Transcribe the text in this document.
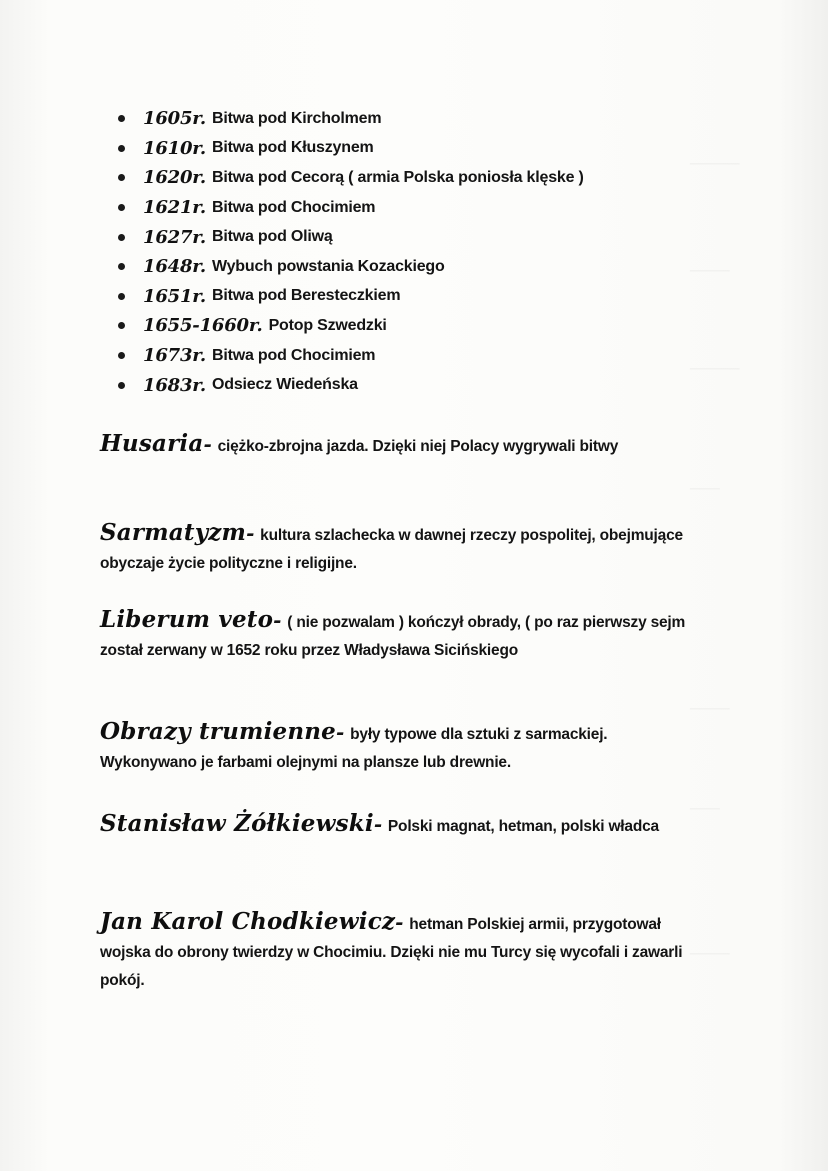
─────
────
─────
───
────
───
────
1605r. Bitwa pod Kircholmem
1610r. Bitwa pod Kłuszynem
1620r. Bitwa pod Cecorą ( armia Polska poniosła klęske )
1621r. Bitwa pod Chocimiem
1627r. Bitwa pod Oliwą
1648r. Wybuch powstania Kozackiego
1651r. Bitwa pod Beresteczkiem
1655-1660r. Potop Szwedzki
1673r. Bitwa pod Chocimiem
1683r. Odsiecz Wiedeńska
Husaria- ciężko-zbrojna jazda. Dzięki niej Polacy wygrywali bitwy
Sarmatyzm- kultura szlachecka w dawnej rzeczy pospolitej, obejmujące obyczaje życie polityczne i religijne.
Liberum veto- ( nie pozwalam ) kończył obrady, ( po raz pierwszy sejm został zerwany w 1652 roku przez Władysława Sicińskiego
Obrazy trumienne- były typowe dla sztuki z sarmackiej. Wykonywano je farbami olejnymi na plansze lub drewnie.
Stanisław Żółkiewski- Polski magnat, hetman, polski władca
Jan Karol Chodkiewicz- hetman Polskiej armii, przygotował wojska do obrony twierdzy w Chocimiu. Dzięki nie mu Turcy się wycofali i zawarli pokój.
